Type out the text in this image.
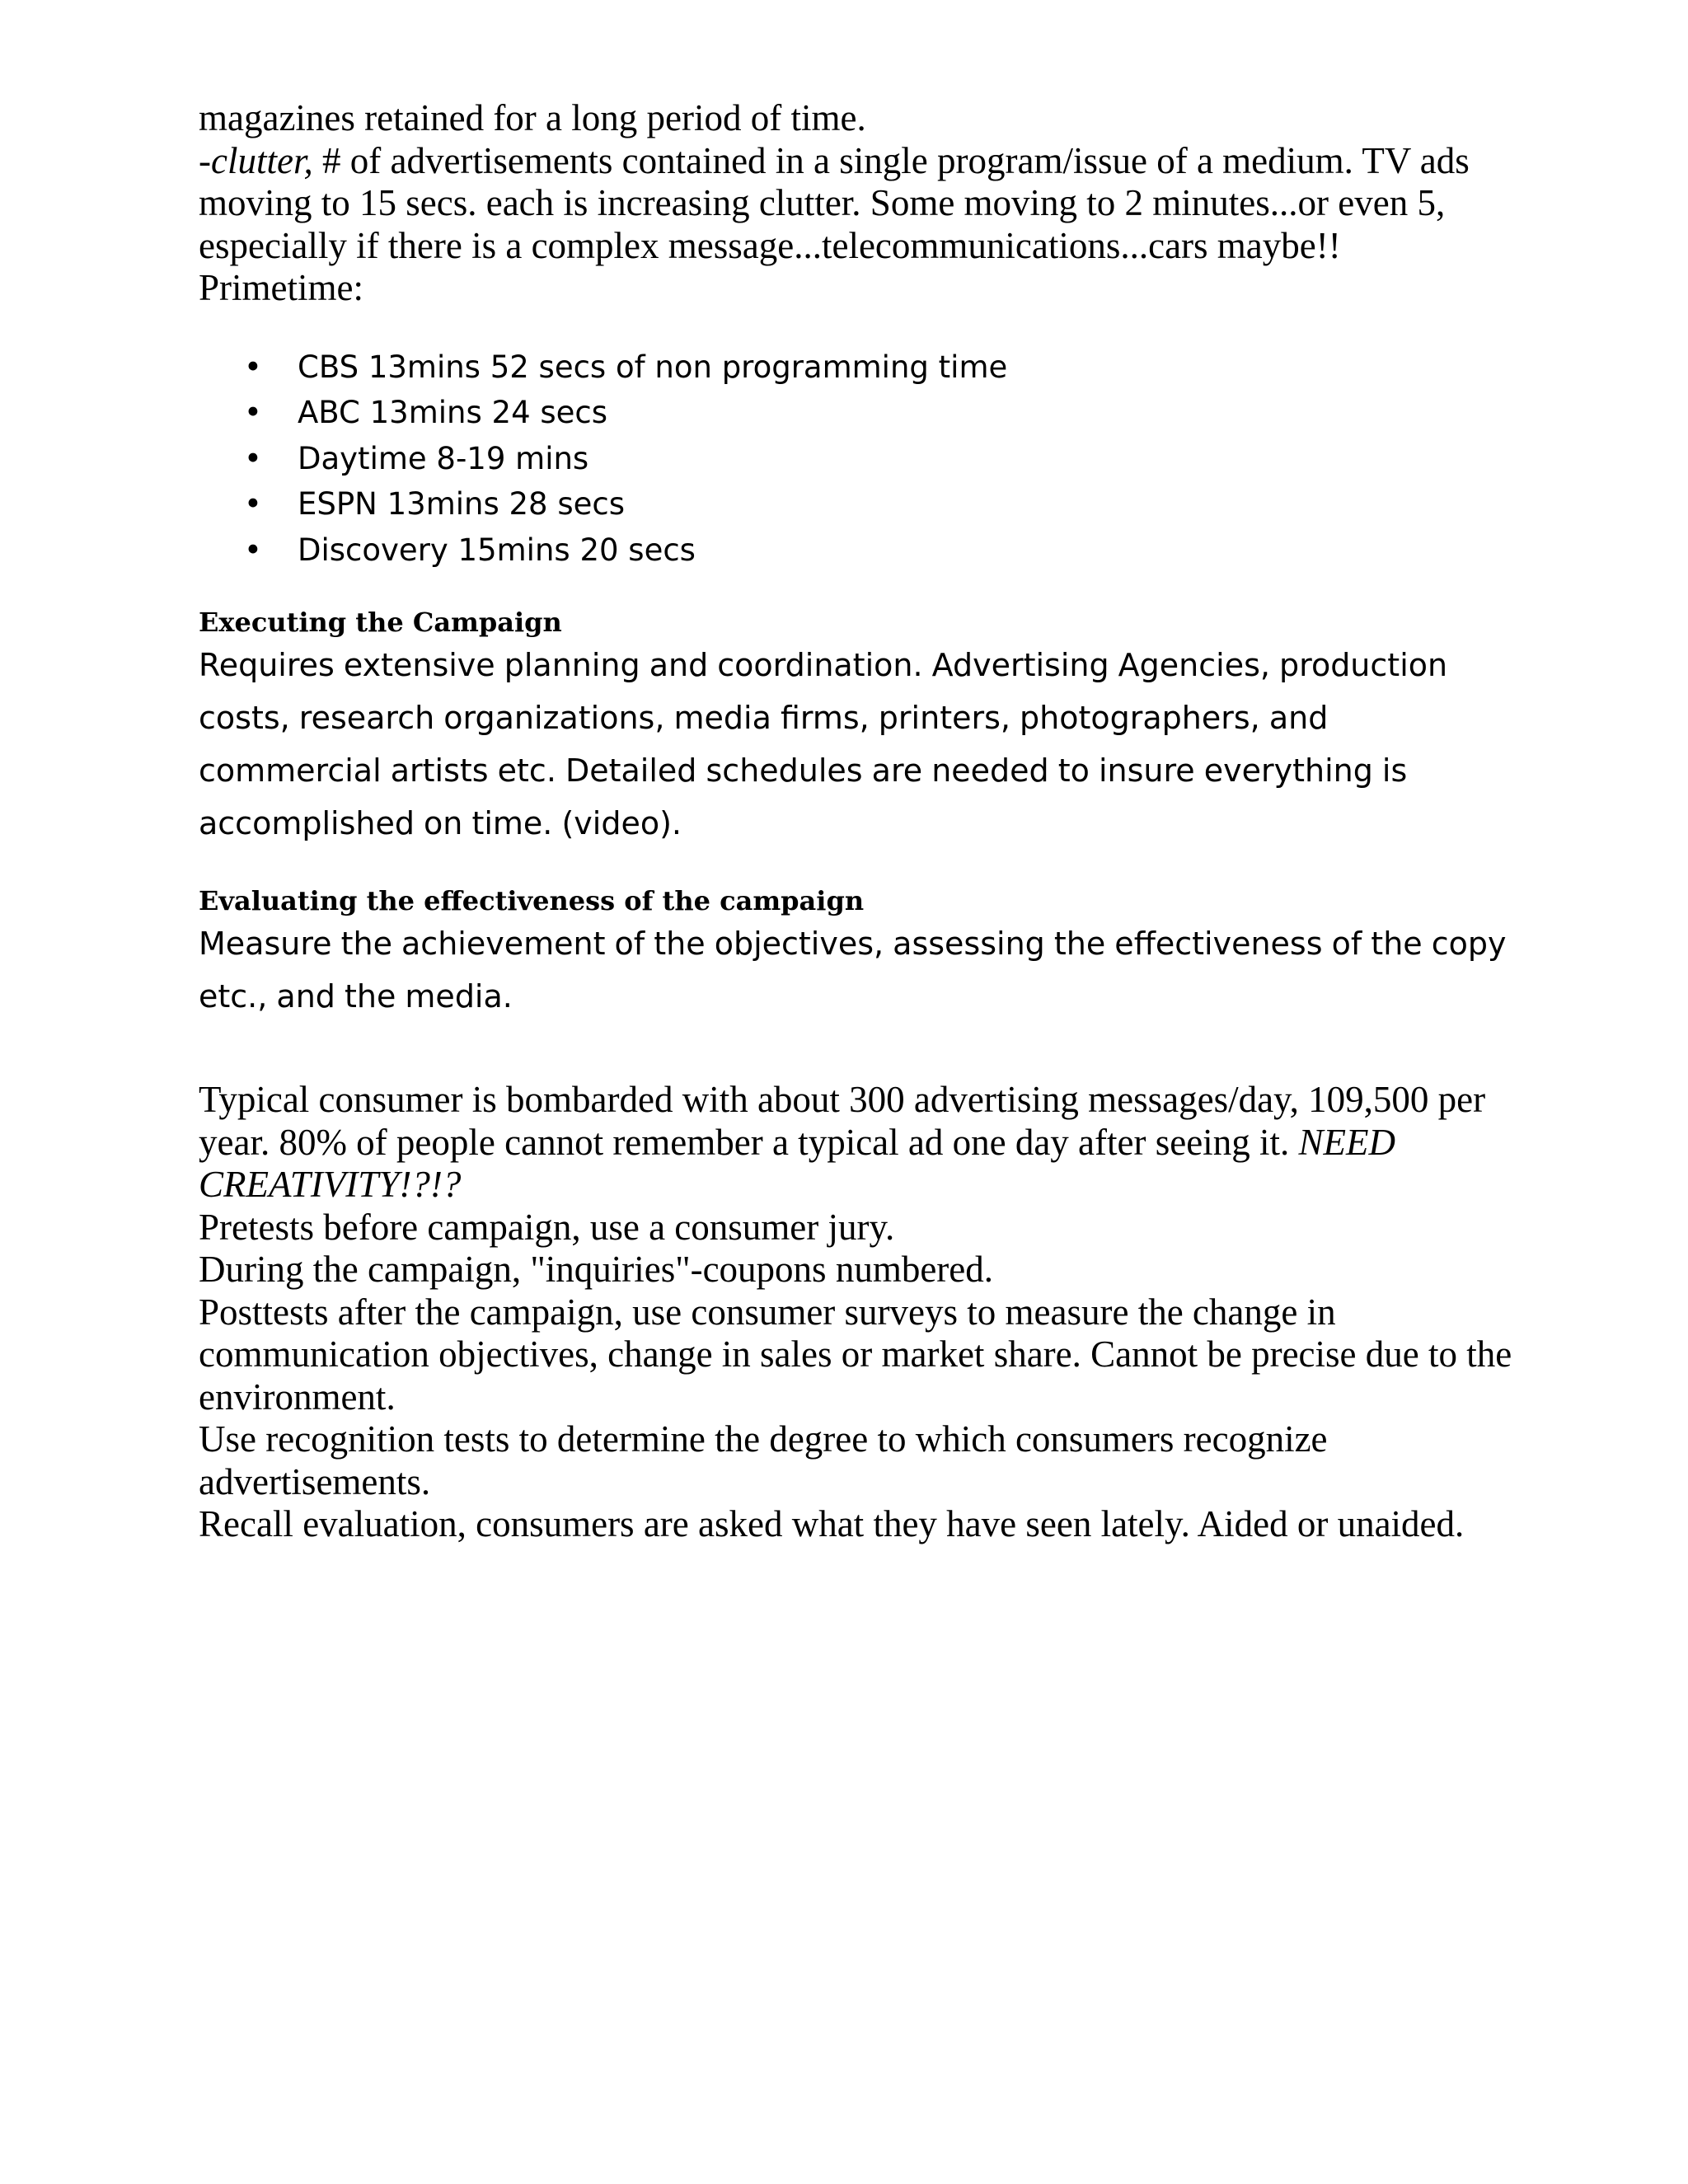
magazines retained for a long period of time.

-clutter, # of advertisements contained in a single program/issue of a medium. TV ads moving to 15 secs. each is increasing clutter. Some moving to 2 minutes...or even 5, especially if there is a complex message...telecommunications...cars maybe!!

Primetime:

• CBS 13mins 52 secs of non programming time
• ABC 13mins 24 secs
• Daytime 8-19 mins
• ESPN 13mins 28 secs
• Discovery 15mins 20 secs
Executing the Campaign

Requires extensive planning and coordination. Advertising Agencies, production costs, research organizations, media firms, printers, photographers, and commercial artists etc. Detailed schedules are needed to insure everything is accomplished on time. (video).

Evaluating the effectiveness of the campaign

Measure the achievement of the objectives, assessing the effectiveness of the copy etc., and the media.

Typical consumer is bombarded with about 300 advertising messages/day, 109,500 per year. 80% of people cannot remember a typical ad one day after seeing it. NEED CREATIVITY!?!?

Pretests before campaign, use a consumer jury.

During the campaign, "inquiries"-coupons numbered.

Posttests after the campaign, use consumer surveys to measure the change in communication objectives, change in sales or market share. Cannot be precise due to the environment.

Use recognition tests to determine the degree to which consumers recognize advertisements.

Recall evaluation, consumers are asked what they have seen lately. Aided or unaided.
